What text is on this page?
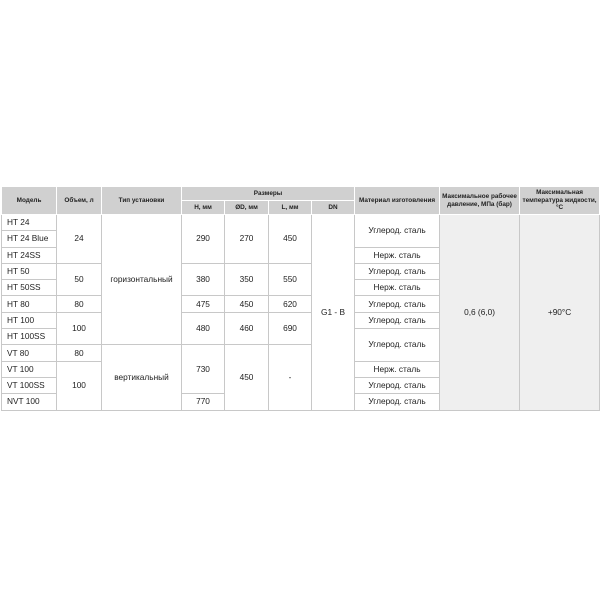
Модель	Объем, л	Тип установки	Размеры				Материал изготовления	Максимальное рабочее давление, МПа (бар)	Максимальная температура жидкости, °С
			H, мм	ØD, мм	L, мм	DN			
HT 24	24	горизонтальный	290	270	450	G1 - B	Углерод. сталь	0,6 (6,0)	+90°С
HT 24 Blue									
HT 24SS							Нерж. сталь		
HT 50	50		380	350	550		Углерод. сталь		
HT 50SS							Нерж. сталь		
HT 80	80		475	450	620		Углерод. сталь		
HT 100	100		480	460	690		Углерод. сталь		
HT 100SS							Углерод. сталь		
VT 80	80	вертикальный	730	450	-				
VT 100	100						Нерж. сталь		
VT 100SS							Углерод. сталь		
NVT 100			770				Углерод. сталь		
